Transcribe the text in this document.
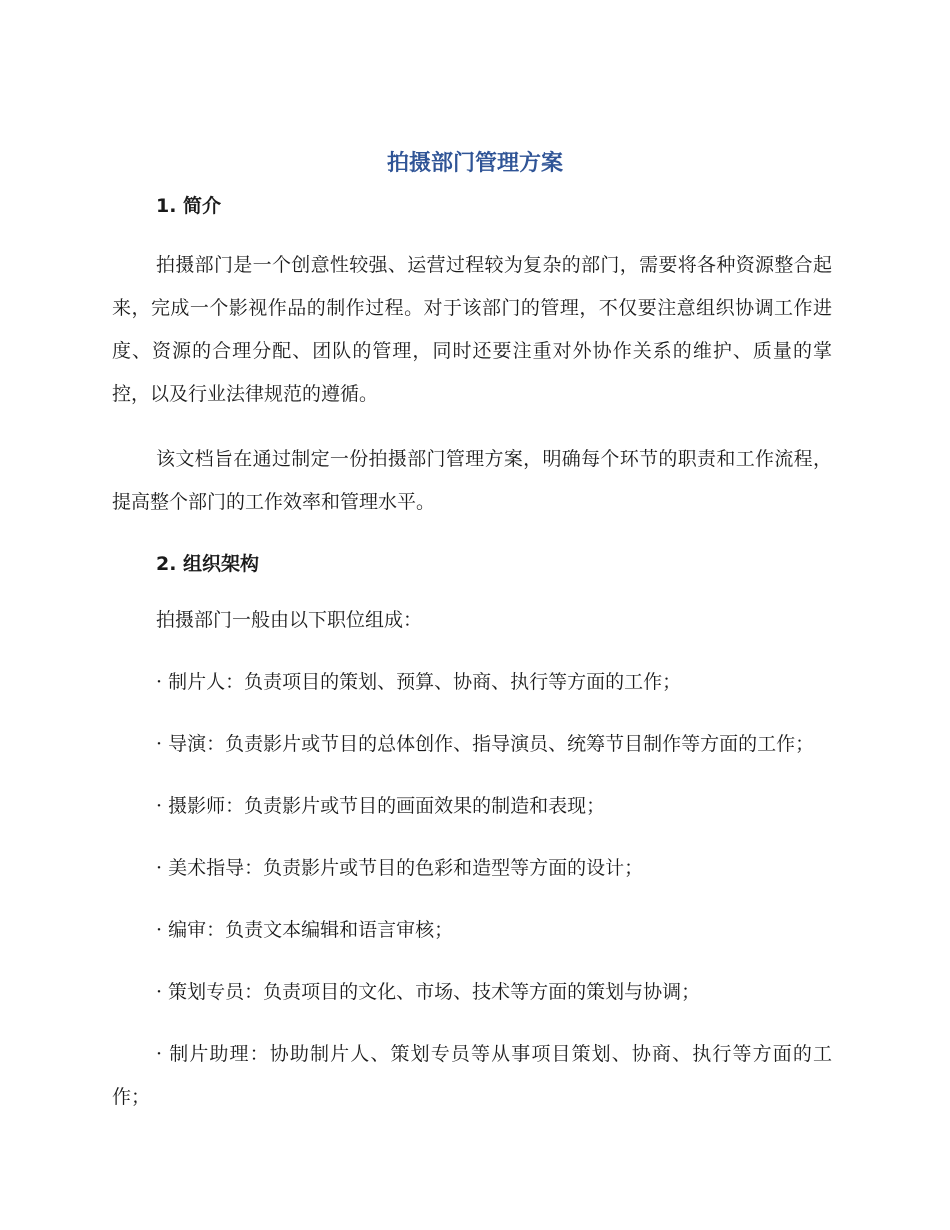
拍摄部门管理方案

1. 简介

拍摄部门是一个创意性较强、运营过程较为复杂的部门，需要将各种资源整合起来，完成一个影视作品的制作过程。对于该部门的管理，不仅要注意组织协调工作进度、资源的合理分配、团队的管理，同时还要注重对外协作关系的维护、质量的掌控，以及行业法律规范的遵循。

该文档旨在通过制定一份拍摄部门管理方案，明确每个环节的职责和工作流程，提高整个部门的工作效率和管理水平。

2. 组织架构

拍摄部门一般由以下职位组成：

· 制片人：负责项目的策划、预算、协商、执行等方面的工作；

· 导演：负责影片或节目的总体创作、指导演员、统筹节目制作等方面的工作；

· 摄影师：负责影片或节目的画面效果的制造和表现；

· 美术指导：负责影片或节目的色彩和造型等方面的设计；

· 编审：负责文本编辑和语言审核；

· 策划专员：负责项目的文化、市场、技术等方面的策划与协调；

· 制片助理：协助制片人、策划专员等从事项目策划、协商、执行等方面的工作；
